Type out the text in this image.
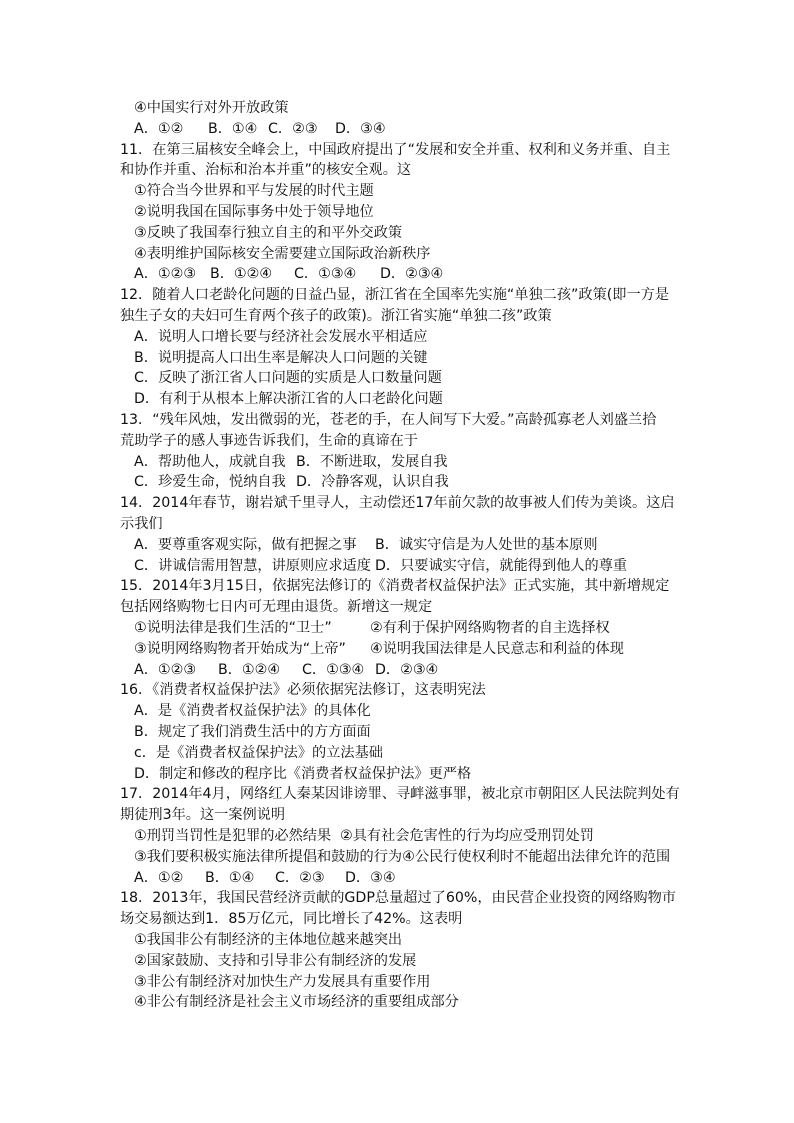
④中国实行对外开放政策
A．①② B．①④ C．②③ D．③④
11．在第三届核安全峰会上，中国政府提出了“发展和安全并重、权利和义务并重、自主
和协作并重、治标和治本并重”的核安全观。这
①符合当今世界和平与发展的时代主题
②说明我国在国际事务中处于领导地位
③反映了我国奉行独立自主的和平外交政策
④表明维护国际核安全需要建立国际政治新秩序
A．①②③ B．①②④ C．①③④ D．②③④
12．随着人口老龄化问题的日益凸显，浙江省在全国率先实施“单独二孩”政策(即一方是
独生子女的夫妇可生育两个孩子的政策)。浙江省实施“单独二孩”政策
A．说明人口增长要与经济社会发展水平相适应
B．说明提高人口出生率是解决人口问题的关键
C．反映了浙江省人口问题的实质是人口数量问题
D．有利于从根本上解决浙江省的人口老龄化问题
13．“残年风烛，发出微弱的光，苍老的手，在人间写下大爱。”高龄孤寡老人刘盛兰拾
荒助学子的感人事迹告诉我们，生命的真谛在于
A．帮助他人，成就自我 B．不断进取，发展自我
C．珍爱生命，悦纳自我 D．冷静客观，认识自我
14．2014年春节，谢岩斌千里寻人，主动偿还17年前欠款的故事被人们传为美谈。这启
示我们
A．要尊重客观实际，做有把握之事 B．诚实守信是为人处世的基本原则
C．讲诚信需用智慧，讲原则应求适度 D．只要诚实守信，就能得到他人的尊重
15．2014年3月15日，依据宪法修订的《消费者权益保护法》正式实施，其中新增规定
包括网络购物七日内可无理由退货。新增这一规定
①说明法律是我们生活的“卫士”	②有利于保护网络购物者的自主选择权
③说明网络购物者开始成为“上帝” ④说明我国法律是人民意志和利益的体现
A．①②③ B．①②④ C．①③④ D．②③④
16．《消费者权益保护法》必须依据宪法修订，这表明宪法
A．是《消费者权益保护法》的具体化
B．规定了我们消费生活中的方方面面
c．是《消费者权益保护法》的立法基础
D．制定和修改的程序比《消费者权益保护法》更严格
17．2014年4月，网络红人秦某因诽谤罪、寻衅滋事罪，被北京市朝阳区人民法院判处有
期徒刑3年。这一案例说明
①刑罚当罚性是犯罪的必然结果 ②具有社会危害性的行为均应受刑罚处罚
③我们要积极实施法律所提倡和鼓励的行为④公民行使权利时不能超出法律允许的范围
A．①② B．①④ C．②③ D．③④
18．2013年，我国民营经济贡献的GDP总量超过了60%，由民营企业投资的网络购物市
场交易额达到1．85万亿元，同比增长了42%。这表明
①我国非公有制经济的主体地位越来越突出
②国家鼓励、支持和引导非公有制经济的发展
③非公有制经济对加快生产力发展具有重要作用
④非公有制经济是社会主义市场经济的重要组成部分
